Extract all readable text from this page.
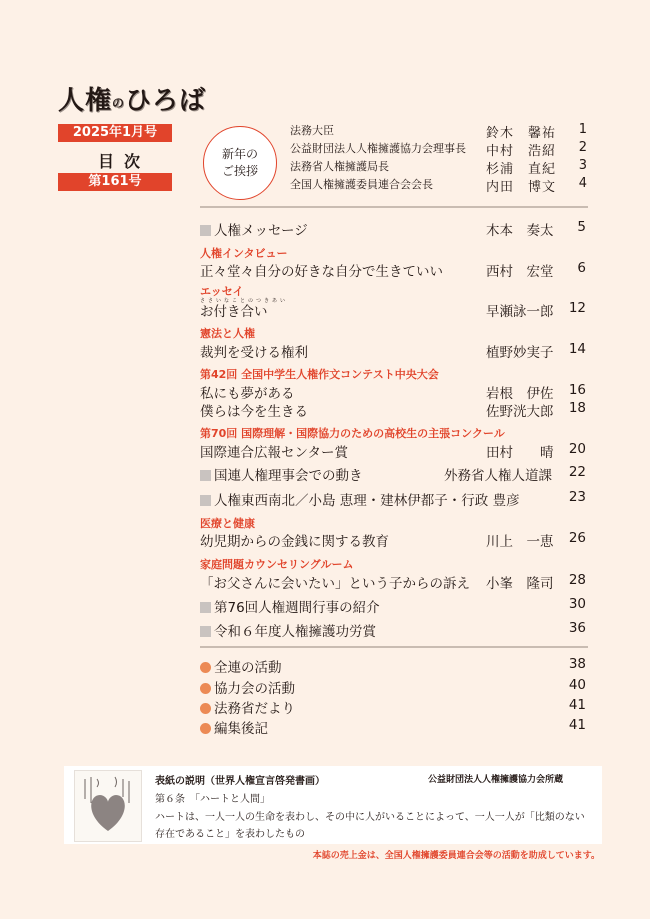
人権のひろば
2025年1月号
目次
第161号
新年の
ご挨拶
法務大臣	鈴木　馨祐 1
公益財団法人人権擁護協力会理事長 中村　浩紹 2
法務省人権擁護局長	杉浦　直紀 3
全国人権擁護委員連合会会長	内田　博文 4
人権メッセージ	木本　奏太 5
人権インタビュー
正々堂々自分の好きな自分で生きていい	西村　宏堂 6
エッセイ
ささいなことのつきあい
お付き合い	早瀬詠一郎 12
憲法と人権
裁判を受ける権利	植野妙実子 14
第42回 全国中学生人権作文コンテスト中央大会
私にも夢がある	岩根　伊佐 16
僕らは今を生きる	佐野洸大郎 18
第70回 国際理解・国際協力のための高校生の主張コンクール
国際連合広報センター賞	田村　　晴 20
国連人権理事会での動き	外務省人権人道課 22
人権東西南北／小島 恵理・建林伊都子・行政 豊彦	23
医療と健康
幼児期からの金銭に関する教育	川上　一恵 26
家庭問題カウンセリングルーム
「お父さんに会いたい」という子からの訴え 小峯　隆司 28
第76回人権週間行事の紹介	30
令和６年度人権擁護功労賞	36
全連の活動	38
協力会の活動	40
法務省だより	41
編集後記	41
表紙の説明（世界人権宣言啓発書画）	公益財団法人人権擁護協力会所蔵
第６条　「ハートと人間」
ハートは、一人一人の生命を表わし、その中に人がいることによって、一人一人が「比類のない
存在であること」を表わしたもの
本誌の売上金は、全国人権擁護委員連合会等の活動を助成しています。
